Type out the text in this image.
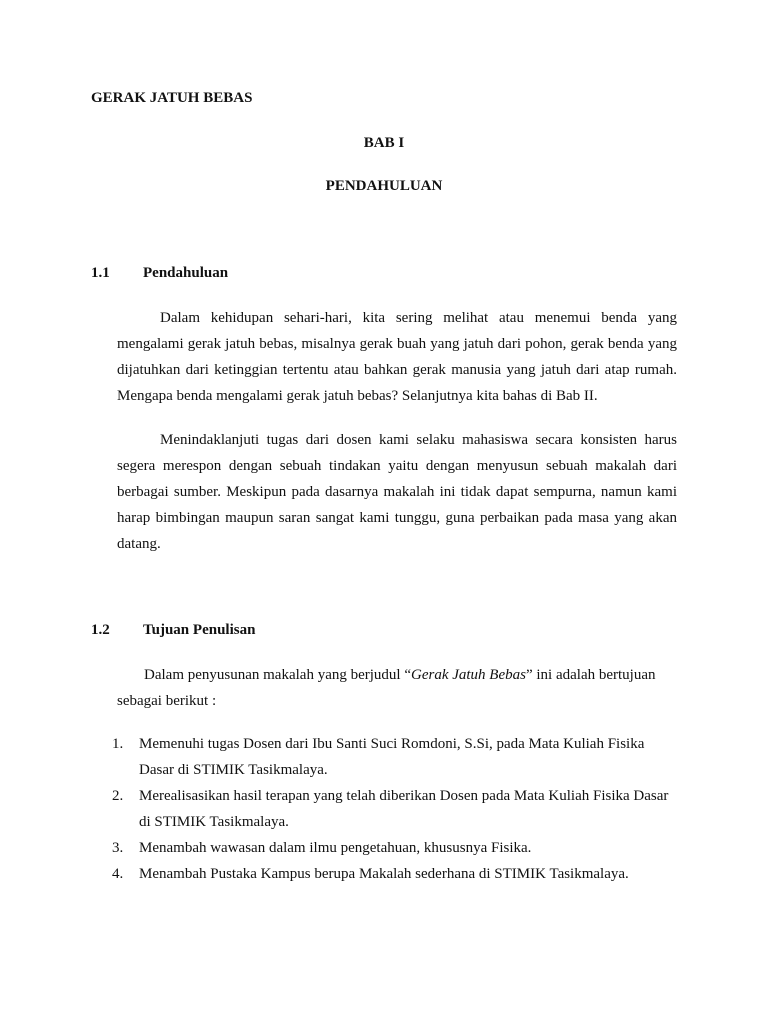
GERAK JATUH BEBAS
BAB I
PENDAHULUAN
1.1 Pendahuluan

Dalam kehidupan sehari-hari, kita sering melihat atau menemui benda yang mengalami gerak jatuh bebas, misalnya gerak buah yang jatuh dari pohon, gerak benda yang dijatuhkan dari ketinggian tertentu atau bahkan gerak manusia yang jatuh dari atap rumah. Mengapa benda mengalami gerak jatuh bebas? Selanjutnya kita bahas di Bab II.

Menindaklanjuti tugas dari dosen kami selaku mahasiswa secara konsisten harus segera merespon dengan sebuah tindakan yaitu dengan menyusun sebuah makalah dari berbagai sumber. Meskipun pada dasarnya makalah ini tidak dapat sempurna, namun kami harap bimbingan maupun saran sangat kami tunggu, guna perbaikan pada masa yang akan datang.

1.2 Tujuan Penulisan

Dalam penyusunan makalah yang berjudul “Gerak Jatuh Bebas” ini adalah bertujuan sebagai berikut :

1. Memenuhi tugas Dosen dari Ibu Santi Suci Romdoni, S.Si, pada Mata Kuliah Fisika Dasar di STIMIK Tasikmalaya.
2. Merealisasikan hasil terapan yang telah diberikan Dosen pada Mata Kuliah Fisika Dasar di STIMIK Tasikmalaya.
3. Menambah wawasan dalam ilmu pengetahuan, khususnya Fisika.
4. Menambah Pustaka Kampus berupa Makalah sederhana di STIMIK Tasikmalaya.
